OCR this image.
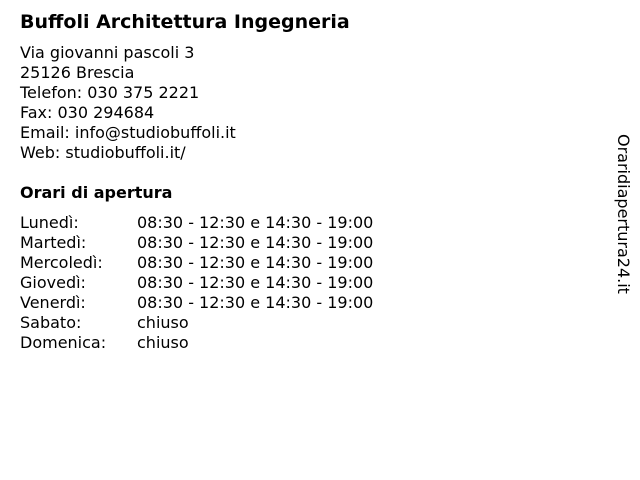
Buffoli Architettura Ingegneria
Via giovanni pascoli 3
25126 Brescia
Telefon: 030 375 2221
Fax: 030 294684
Email: info@studiobuffoli.it
Web: studiobuffoli.it/
Orari di apertura
Lunedì:	08:30 - 12:30 e 14:30 - 19:00
Martedì:	08:30 - 12:30 e 14:30 - 19:00
Mercoledì:	08:30 - 12:30 e 14:30 - 19:00
Giovedì:	08:30 - 12:30 e 14:30 - 19:00
Venerdì:	08:30 - 12:30 e 14:30 - 19:00
Sabato:	chiuso
Domenica:	chiuso
Oraridiapertura24.it
